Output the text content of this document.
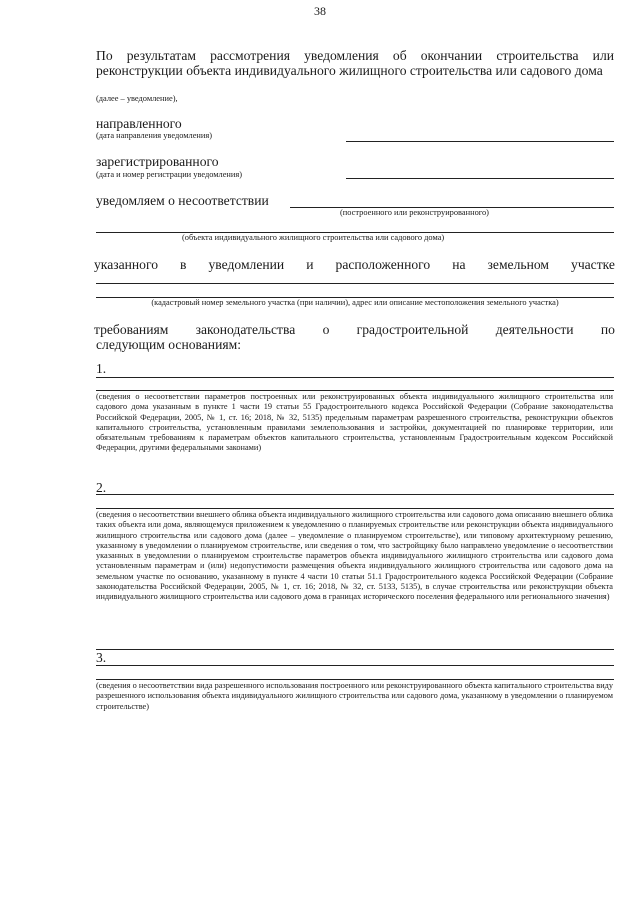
38
По результатам рассмотрения уведомления об окончании строительства или реконструкции объекта индивидуального жилищного строительства или садового дома
(далее – уведомление),
направленного
(дата направления уведомления)
зарегистрированного
(дата и номер регистрации уведомления)
уведомляем о несоответствии
(построенного или реконструированного)
(объекта индивидуального жилищного строительства или садового дома)
указанного в уведомлении и расположенного на земельном участке
(кадастровый номер земельного участка (при наличии), адрес или описание местоположения земельного участка)
требованиям законодательства о градостроительной деятельности по
следующим основаниям:
1.
(сведения о несоответствии параметров построенных или реконструированных объекта индивидуального жилищного строительства или садового дома указанным в пункте 1 части 19 статьи 55 Градостроительного кодекса Российской Федерации (Собрание законодательства Российской Федерации, 2005, № 1, ст. 16; 2018, № 32, 5135) предельным параметрам разрешенного строительства, реконструкции объектов капитального строительства, установленным правилами землепользования и застройки, документацией по планировке территории, или обязательным требованиям к параметрам объектов капитального строительства, установленным Градостроительным кодексом Российской Федерации, другими федеральными законами)
2.
(сведения о несоответствии внешнего облика объекта индивидуального жилищного строительства или садового дома описанию внешнего облика таких объекта или дома, являющемуся приложением к уведомлению о планируемых строительстве или реконструкции объекта индивидуального жилищного строительства или садового дома (далее – уведомление о планируемом строительстве), или типовому архитектурному решению, указанному в уведомлении о планируемом строительстве, или сведения о том, что застройщику было направлено уведомление о несоответствии указанных в уведомлении о планируемом строительстве параметров объекта индивидуального жилищного строительства или садового дома установленным параметрам и (или) недопустимости размещения объекта индивидуального жилищного строительства или садового дома на земельном участке по основанию, указанному в пункте 4 части 10 статьи 51.1 Градостроительного кодекса Российской Федерации (Собрание законодательства Российской Федерации, 2005, № 1, ст. 16; 2018, № 32, ст. 5133, 5135), в случае строительства или реконструкции объекта индивидуального жилищного строительства или садового дома в границах исторического поселения федерального или регионального значения)
3.
(сведения о несоответствии вида разрешенного использования построенного или реконструированного объекта капитального строительства виду разрешенного использования объекта индивидуального жилищного строительства или садового дома, указанному в уведомлении о планируемом строительстве)
